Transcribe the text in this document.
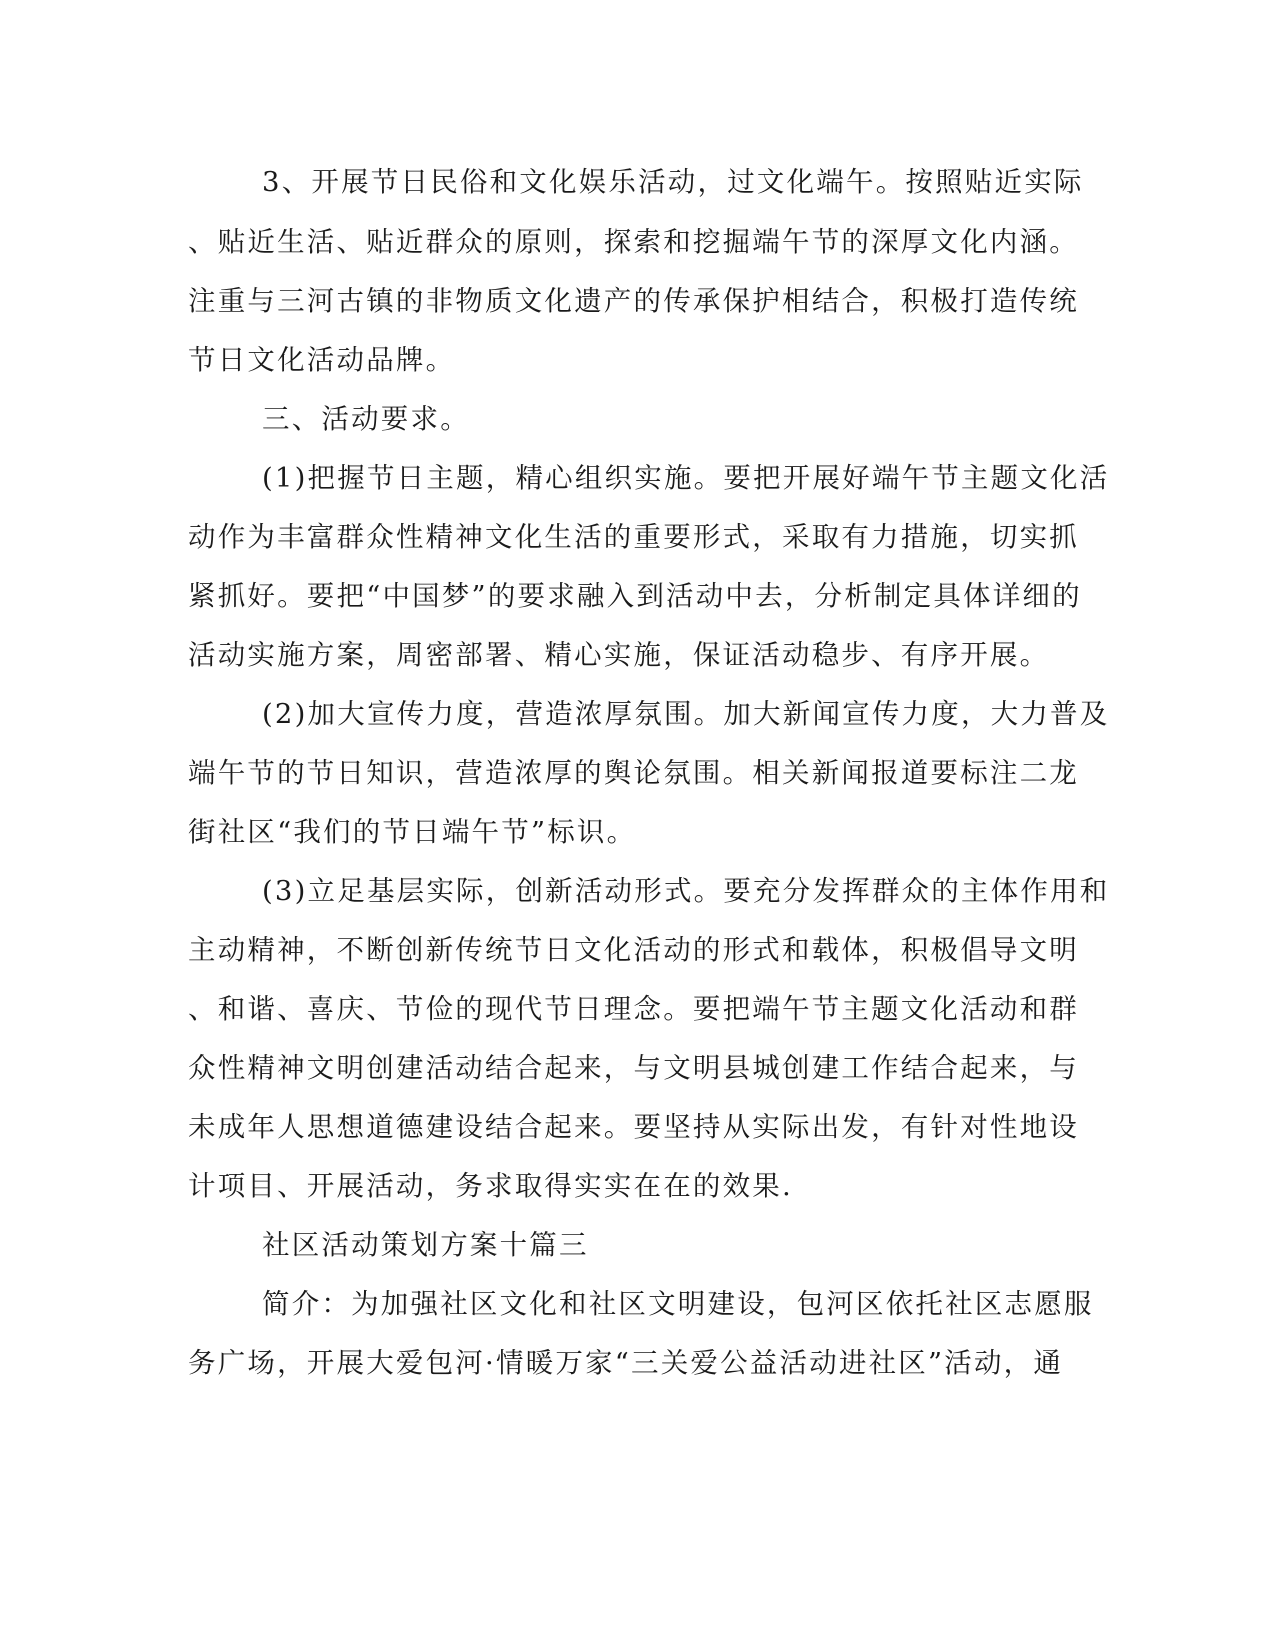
3、开展节日民俗和文化娱乐活动，过文化端午。按照贴近实际
、贴近生活、贴近群众的原则，探索和挖掘端午节的深厚文化内涵。
注重与三河古镇的非物质文化遗产的传承保护相结合，积极打造传统
节日文化活动品牌。
三、活动要求。
(1)把握节日主题，精心组织实施。要把开展好端午节主题文化活
动作为丰富群众性精神文化生活的重要形式，采取有力措施，切实抓
紧抓好。要把“中国梦”的要求融入到活动中去，分析制定具体详细的
活动实施方案，周密部署、精心实施，保证活动稳步、有序开展。
(2)加大宣传力度，营造浓厚氛围。加大新闻宣传力度，大力普及
端午节的节日知识，营造浓厚的舆论氛围。相关新闻报道要标注二龙
街社区“我们的节日端午节”标识。
(3)立足基层实际，创新活动形式。要充分发挥群众的主体作用和
主动精神，不断创新传统节日文化活动的形式和载体，积极倡导文明
、和谐、喜庆、节俭的现代节日理念。要把端午节主题文化活动和群
众性精神文明创建活动结合起来，与文明县城创建工作结合起来，与
未成年人思想道德建设结合起来。要坚持从实际出发，有针对性地设
计项目、开展活动，务求取得实实在在的效果.
社区活动策划方案十篇三
简介：为加强社区文化和社区文明建设，包河区依托社区志愿服
务广场，开展大爱包河·情暖万家“三关爱公益活动进社区”活动，通
